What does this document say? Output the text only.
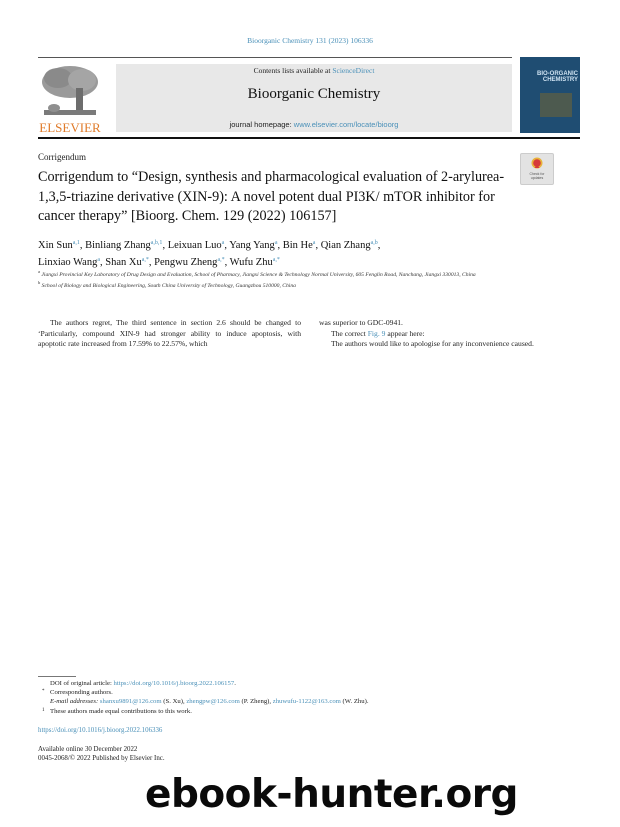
Bioorganic Chemistry 131 (2023) 106336
ELSEVIER
Contents lists available at ScienceDirect
Bioorganic Chemistry
journal homepage: www.elsevier.com/locate/bioorg
BIO-ORGANIC
CHEMISTRY
Corrigendum
Check for
updates
Corrigendum to “Design, synthesis and pharmacological evaluation of 2-arylurea-1,3,5-triazine derivative (XIN-9): A novel potent dual PI3K/ mTOR inhibitor for cancer therapy” [Bioorg. Chem. 129 (2022) 106157]
Xin Sun$^{a,1}$, Binliang Zhang$^{a,b,1}$, Leixuan Luo$^a$, Yang Yang$^a$, Bin He$^a$, Qian Zhang$^{a,b}$,
Linxiao Wang$^a$, Shan $Xu^{a,*}$, Pengwu Zheng$^{a,*}$, Wufu Zhu$^{a,*}$
$^a$ Jiangxi Provincial Key Laboratory of Drug Design and Evaluation, School of Pharmacy, Jiangxi Science & Technology Normal University, 605 Fenglin Road, Nanchang, Jiangxi 330013, China
$^b$ School of Biology and Biological Engineering, South China University of Technology, Guangzhou 510000, China

The authors regret, The third sentence in section 2.6 should be changed to ‘Particularly, compound XIN-9 had stronger ability to induce apoptosis, with apoptotic rate increased from 17.59% to 22.57%, which

was superior to GDC-0941.

The correct Fig. 9 appear here:

The authors would like to apologise for any inconvenience caused.

DOI of original article: https://doi.org/10.1016/j.bioorg.2022.106157.
* Corresponding authors.
E-mail addresses: shanxu9891@126.com (S. Xu), zhengpw@126.com (P. Zheng), zhuwufu-1122@163.com (W. Zhu).
1 These authors made equal contributions to this work.
https://doi.org/10.1016/j.bioorg.2022.106336
Available online 30 December 2022
0045-2068/© 2022 Published by Elsevier Inc.
ebook-hunter.org
